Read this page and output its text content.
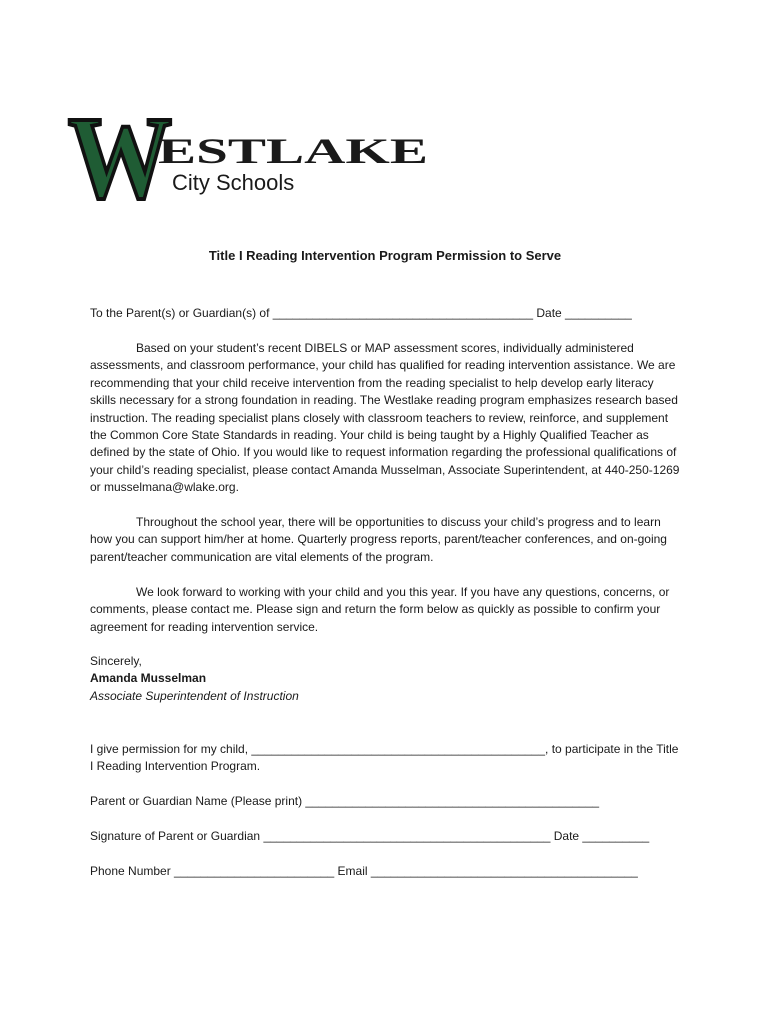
W
ESTLAKE
City Schools
Title I Reading Intervention Program Permission to Serve
To the Parent(s) or Guardian(s) of _______________________________________ Date __________
Based on your student’s recent DIBELS or MAP assessment scores, individually administered assessments, and classroom performance, your child has qualified for reading intervention assistance. We are recommending that your child receive intervention from the reading specialist to help develop early literacy skills necessary for a strong foundation in reading. The Westlake reading program emphasizes research based instruction. The reading specialist plans closely with classroom teachers to review, reinforce, and supplement the Common Core State Standards in reading. Your child is being taught by a Highly Qualified Teacher as defined by the state of Ohio. If you would like to request information regarding the professional qualifications of your child’s reading specialist, please contact Amanda Musselman, Associate Superintendent, at 440-250-1269 or musselmana@wlake.org.
Throughout the school year, there will be opportunities to discuss your child’s progress and to learn how you can support him/her at home. Quarterly progress reports, parent/teacher conferences, and on-going parent/teacher communication are vital elements of the program.
We look forward to working with your child and you this year. If you have any questions, concerns, or comments, please contact me. Please sign and return the form below as quickly as possible to confirm your agreement for reading intervention service.
Sincerely,
Amanda Musselman
Associate Superintendent of Instruction
I give permission for my child, ____________________________________________, to participate in the Title I Reading Intervention Program.
Parent or Guardian Name (Please print) ____________________________________________
Signature of Parent or Guardian ___________________________________________ Date __________
Phone Number ________________________ Email ________________________________________
